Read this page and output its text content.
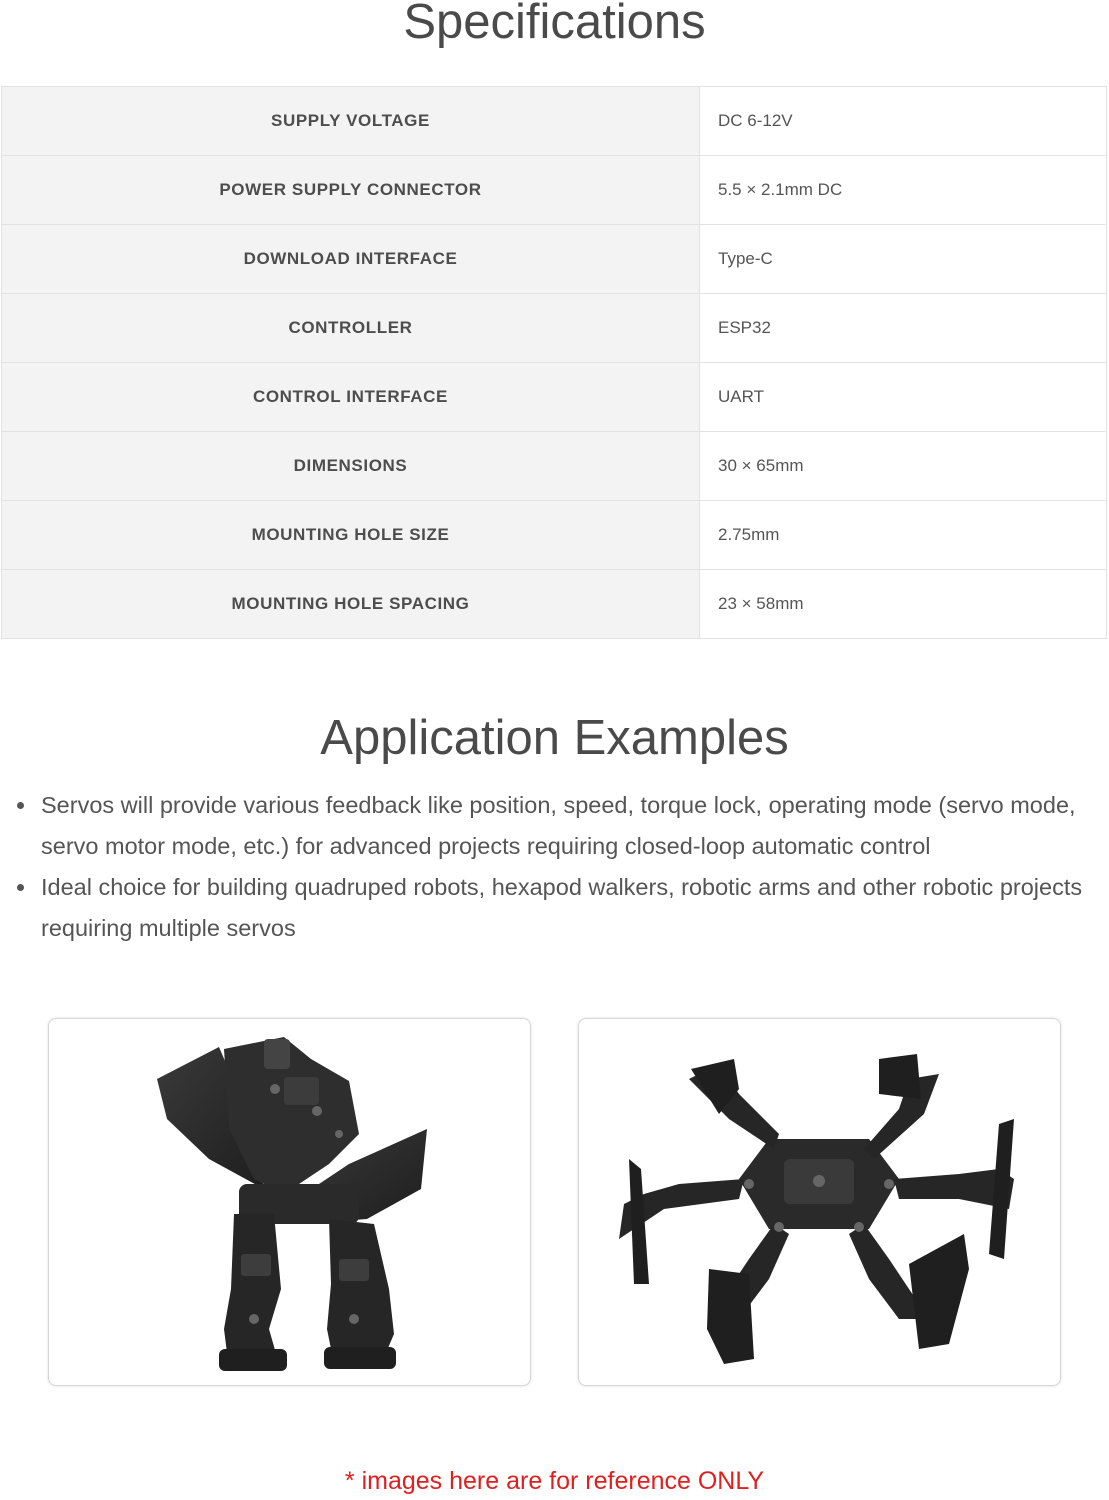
Specifications
SUPPLY VOLTAGE	DC 6-12V
POWER SUPPLY CONNECTOR	5.5 × 2.1mm DC
DOWNLOAD INTERFACE	Type-C
CONTROLLER	ESP32
CONTROL INTERFACE	UART
DIMENSIONS	30 × 65mm
MOUNTING HOLE SIZE	2.75mm
MOUNTING HOLE SPACING	23 × 58mm
Application Examples
Servos will provide various feedback like position, speed, torque lock, operating mode (servo mode, servo motor mode, etc.) for advanced projects requiring closed-loop automatic control
Ideal choice for building quadruped robots, hexapod walkers, robotic arms and other robotic projects requiring multiple servos
* images here are for reference ONLY
